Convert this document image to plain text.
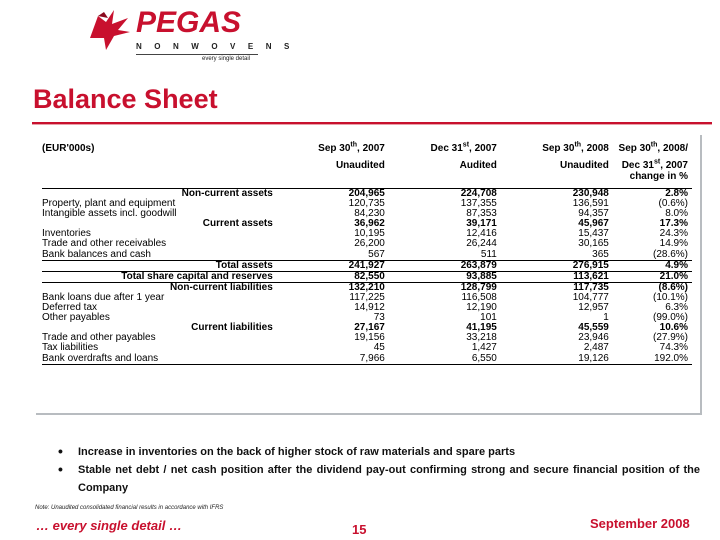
PEGAS
NONWOVENS
every single detail
Balance Sheet
(EUR'000s)	Sep 30th, 2007	Dec 31st, 2007	Sep 30th, 2008	Sep 30th, 2008/
	Unaudited	Audited	Unaudited	Dec 31st, 2007
				change in %

Non-current assets	204,965	224,708	230,948	2.8%
Property, plant and equipment	120,735	137,355	136,591	(0.6%)
Intangible assets incl. goodwill	84,230	87,353	94,357	8.0%
Current assets	36,962	39,171	45,967	17.3%
Inventories	10,195	12,416	15,437	24.3%
Trade and other receivables	26,200	26,244	30,165	14.9%
Bank balances and cash	567	511	365	(28.6%)
Total assets	241,927	263,879	276,915	4.9%
Total share capital and reserves	82,550	93,885	113,621	21.0%
Non-current liabilities	132,210	128,799	117,735	(8.6%)
Bank loans due after 1 year	117,225	116,508	104,777	(10.1%)
Deferred tax	14,912	12,190	12,957	6.3%
Other payables	73	101	1	(99.0%)
Current liabilities	27,167	41,195	45,559	10.6%
Trade and other payables	19,156	33,218	23,946	(27.9%)
Tax liabilities	45	1,427	2,487	74.3%
Bank overdrafts and loans	7,966	6,550	19,126	192.0%
•	Increase in inventories on the back of higher stock of raw materials and spare parts
•	Stable net debt / net cash position after the dividend pay-out confirming strong and secure financial position of the Company
Note: Unaudited consolidated financial results in accordance with IFRS
… every single detail …	15	September 2008
